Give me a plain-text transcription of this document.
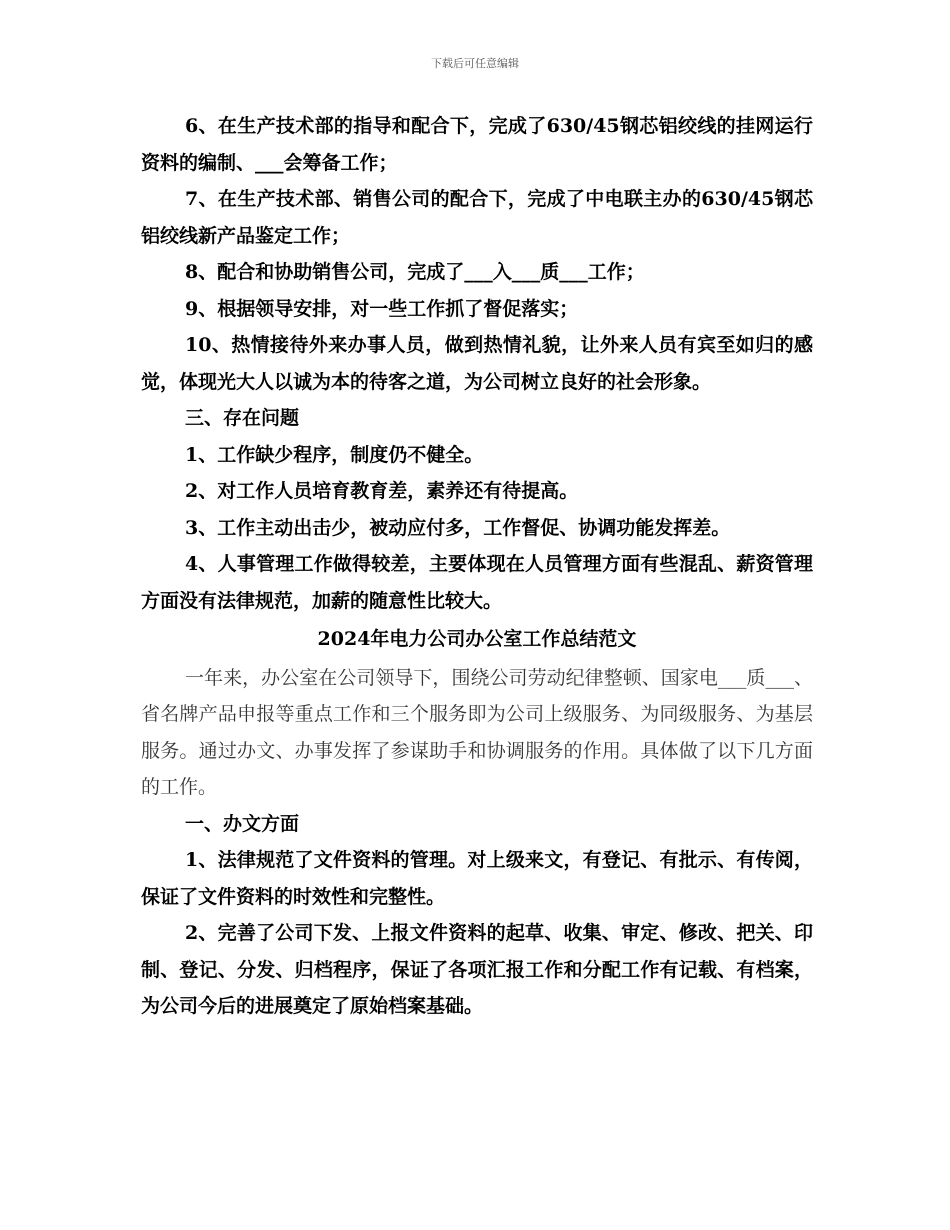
下载后可任意编辑

6、在生产技术部的指导和配合下，完成了630/45钢芯铝绞线的挂网运行资料的编制、___会筹备工作；

7、在生产技术部、销售公司的配合下，完成了中电联主办的630/45钢芯铝绞线新产品鉴定工作；

8、配合和协助销售公司，完成了___入___质___工作；

9、根据领导安排，对一些工作抓了督促落实；

10、热情接待外来办事人员，做到热情礼貌，让外来人员有宾至如归的感觉，体现光大人以诚为本的待客之道，为公司树立良好的社会形象。

三、存在问题

1、工作缺少程序，制度仍不健全。

2、对工作人员培育教育差，素养还有待提高。

3、工作主动出击少，被动应付多，工作督促、协调功能发挥差。

4、人事管理工作做得较差，主要体现在人员管理方面有些混乱、薪资管理方面没有法律规范，加薪的随意性比较大。

2024年电力公司办公室工作总结范文

一年来，办公室在公司领导下，围绕公司劳动纪律整顿、国家电___质___、省名牌产品申报等重点工作和三个服务即为公司上级服务、为同级服务、为基层服务。通过办文、办事发挥了参谋助手和协调服务的作用。具体做了以下几方面的工作。

一、办文方面

1、法律规范了文件资料的管理。对上级来文，有登记、有批示、有传阅，保证了文件资料的时效性和完整性。

2、完善了公司下发、上报文件资料的起草、收集、审定、修改、把关、印制、登记、分发、归档程序，保证了各项汇报工作和分配工作有记载、有档案，为公司今后的进展奠定了原始档案基础。
